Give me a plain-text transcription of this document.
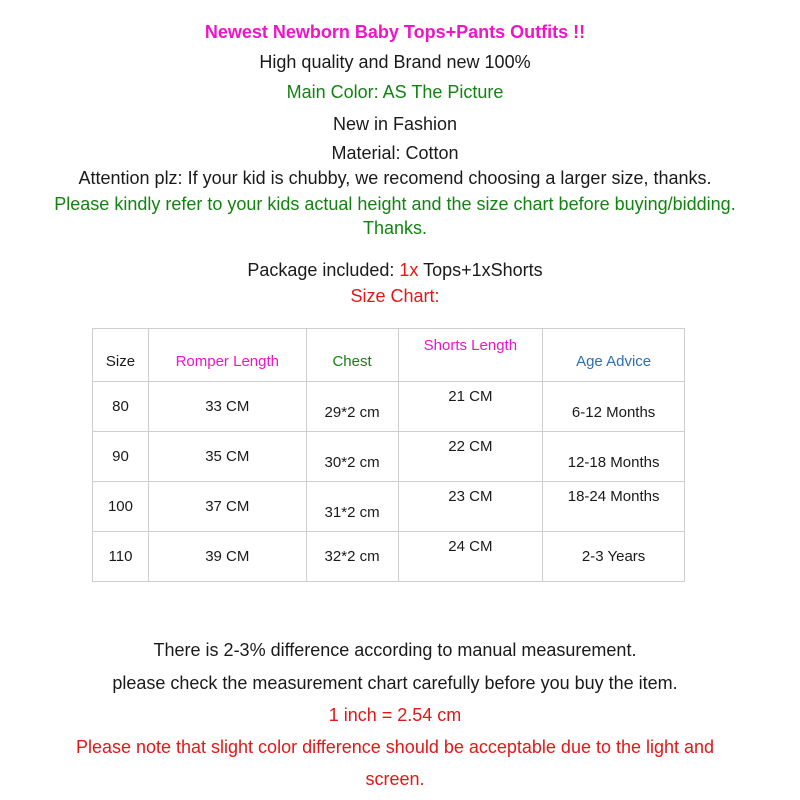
Newest Newborn Baby Tops+Pants Outfits !!
High quality and Brand new 100%
Main Color: AS The Picture
New in Fashion
Material: Cotton
Attention plz: If your kid is chubby, we recomend choosing a larger size, thanks.
Please kindly refer to your kids actual height and the size chart before buying/bidding.
Thanks.
Package included: 1x Tops+1xShorts
Size Chart:
Size	Romper Length	Chest	Shorts Length	Age Advice
80	33 CM	29*2 cm	21 CM	6-12 Months
90	35 CM	30*2 cm	22 CM	12-18 Months
100	37 CM	31*2 cm	23 CM	18-24 Months
110	39 CM	32*2 cm	24 CM	2-3 Years
There is 2-3% difference according to manual measurement.
please check the measurement chart carefully before you buy the item.
1 inch = 2.54 cm
Please note that slight color difference should be acceptable due to the light and
screen.
